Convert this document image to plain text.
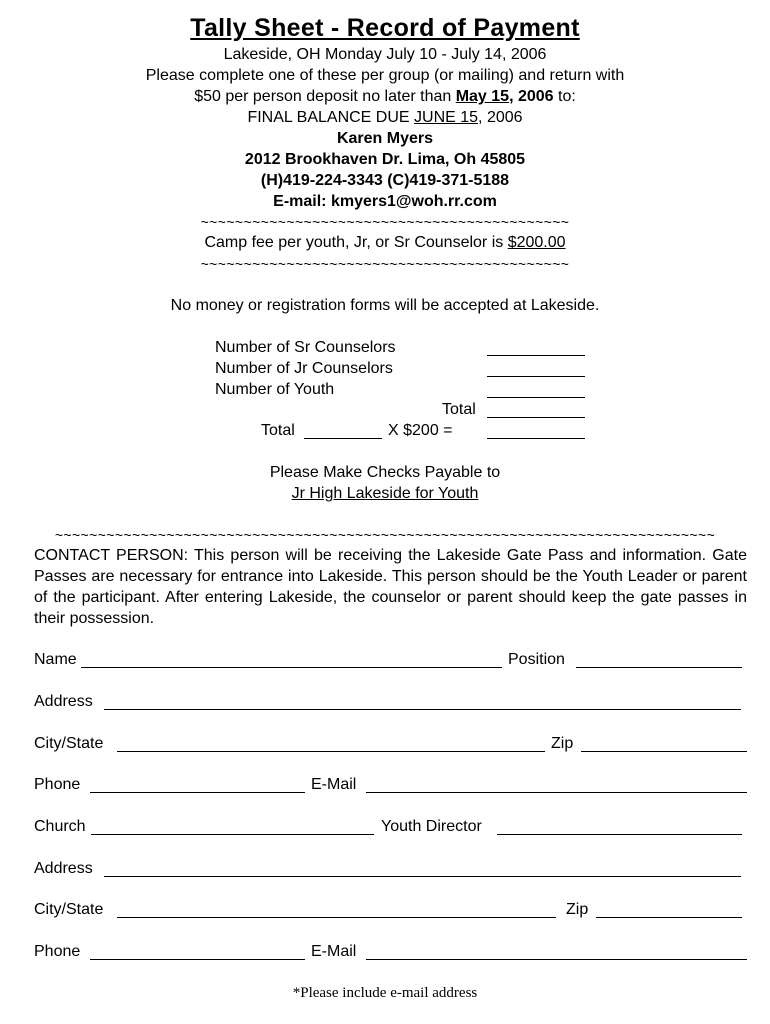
Tally Sheet - Record of Payment
Lakeside, OH Monday July 10 - July 14, 2006
Please complete one of these per group (or mailing) and return with
$50 per person deposit no later than May 15, 2006 to:
FINAL BALANCE DUE JUNE 15, 2006
Karen Myers
2012 Brookhaven Dr. Lima, Oh 45805
(H)419-224-3343 (C)419-371-5188
E-mail: kmyers1@woh.rr.com
~~~~~~~~~~~~~~~~~~~~~~~~~~~~~~~~~~~~~~~~~~~
Camp fee per youth, Jr, or Sr Counselor is $200.00
~~~~~~~~~~~~~~~~~~~~~~~~~~~~~~~~~~~~~~~~~~~
No money or registration forms will be accepted at Lakeside.
Number of Sr Counselors
Number of Jr Counselors
Number of Youth
Total
Total	X $200 =
Please Make Checks Payable to
Jr High Lakeside for Youth
~~~~~~~~~~~~~~~~~~~~~~~~~~~~~~~~~~~~~~~~~~~~~~~~~~~~~~~~~~~~~~~~~~~~~~~~~~~~~
CONTACT PERSON: This person will be receiving the Lakeside Gate Pass and information. Gate Passes are necessary for entrance into Lakeside. This person should be the Youth Leader or parent of the participant. After entering Lakeside, the counselor or parent should keep the gate passes in their possession.
Name	Position
Address
City/State	Zip
Phone	E-Mail
Church	Youth Director
Address
City/State	Zip
Phone	E-Mail
*Please include e-mail address
